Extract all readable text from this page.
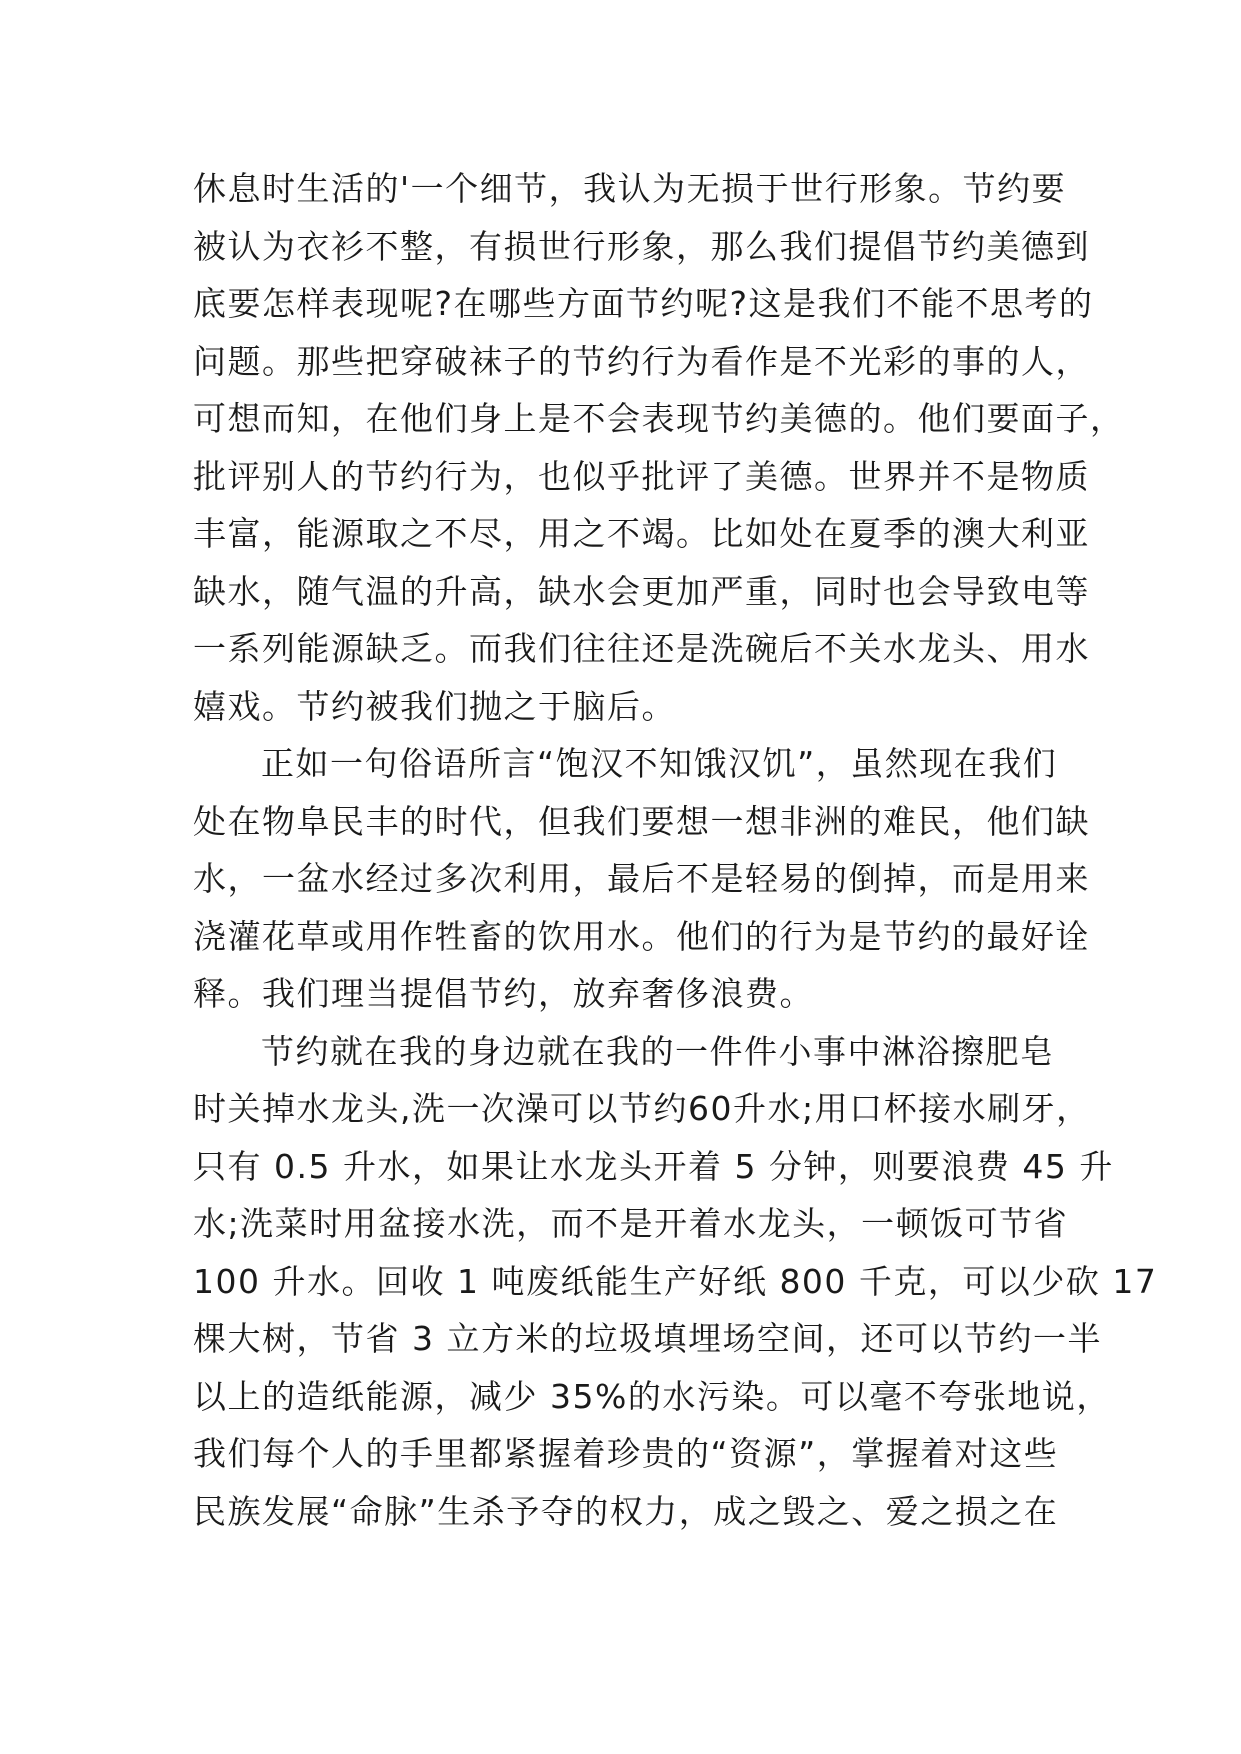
休息时生活的'一个细节，我认为无损于世行形象。节约要
被认为衣衫不整，有损世行形象，那么我们提倡节约美德到
底要怎样表现呢?在哪些方面节约呢?这是我们不能不思考的
问题。那些把穿破袜子的节约行为看作是不光彩的事的人，
可想而知，在他们身上是不会表现节约美德的。他们要面子，
批评别人的节约行为，也似乎批评了美德。世界并不是物质
丰富，能源取之不尽，用之不竭。比如处在夏季的澳大利亚
缺水，随气温的升高，缺水会更加严重，同时也会导致电等
一系列能源缺乏。而我们往往还是洗碗后不关水龙头、用水
嬉戏。节约被我们抛之于脑后。
正如一句俗语所言“饱汉不知饿汉饥”，虽然现在我们
处在物阜民丰的时代，但我们要想一想非洲的难民，他们缺
水，一盆水经过多次利用，最后不是轻易的倒掉，而是用来
浇灌花草或用作牲畜的饮用水。他们的行为是节约的最好诠
释。我们理当提倡节约，放弃奢侈浪费。
节约就在我的身边就在我的一件件小事中淋浴擦肥皂
时关掉水龙头,洗一次澡可以节约60升水;用口杯接水刷牙，
只有 0.5 升水，如果让水龙头开着 5 分钟，则要浪费 45 升
水;洗菜时用盆接水洗，而不是开着水龙头，一顿饭可节省
100 升水。回收 1 吨废纸能生产好纸 800 千克，可以少砍 17
棵大树，节省 3 立方米的垃圾填埋场空间，还可以节约一半
以上的造纸能源，减少 35%的水污染。可以毫不夸张地说，
我们每个人的手里都紧握着珍贵的“资源”，掌握着对这些
民族发展“命脉”生杀予夺的权力，成之毁之、爱之损之在
